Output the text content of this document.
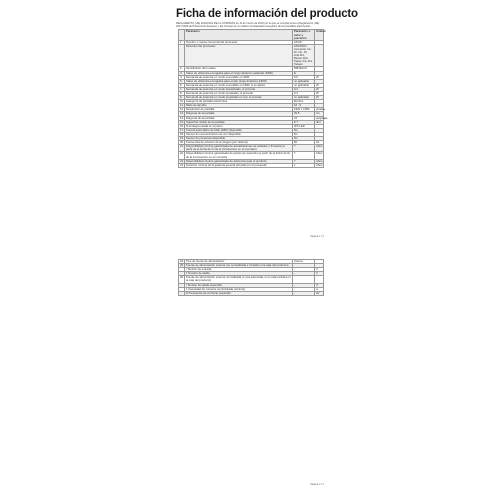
Ficha de información del producto
REGLAMENTO (UE) 2019/2013 DE LA COMISIÓN de 11 de marzo de 2019 por el que se complementa el Reglamento (UE) 2017/1369 del Parlamento Europeo y del Consejo en lo relativo al etiquetado energético de las pantallas electrónicas
	Parámetro	Parámetro o valor y precisión	Unidad
1.	Nombre o marca comercial del proveedor	ASUS	
	Dirección del proveedor	ASUSTeK Computer Inc., 1F, No. 15, Lide Rd., Beitou Dist., Taipei City 112, Taiwan	
2.	Identificador del modelo	MB16ACV	
3.	Clase de eficiencia energética para el rango dinámico estándar (SDR)	E	
4.	Demanda de potencia en modo encendido en SDR	6.0	W
5.	Clase de eficiencia energética para el alto rango dinámico (HDR)	no aplicable	
6.	Demanda de potencia en modo encendido en HDR, si se aplica	no aplicable	W
7.	Demanda de potencia en modo desactivado, si procede	0.3	W
8.	Demanda de potencia en modo preparado, si procede	0.3	W
9.	Demanda de potencia en modo preparado en red, si procede	no aplicable	W
10.	Categoría de pantalla electrónica	Monitor	
11.	Ratio de tamaño	16 : 9	
12.	Resolución de pantalla	1920 x 1080	píxeles
13.	Diagonal de la pantalla	39.5	cm
14.	Diagonal de la pantalla	16	pulgadas
15.	Superficie visible de la pantalla	6.7	dm²
16.	Tecnología usada en el panel	IPS LED	
17.	Control automático de brillo (ABC) disponible	No	
18.	Sensor de reconocimiento de voz disponible	No	
19.	Sensor de presencia disponible	No	
20.	Frecuencia de refresco de la imagen (por defecto)	60	Hz
21.	Disponibilidad mínima garantizada de actualizaciones de software y firmware (a partir de la fecha de fin de la introducción en el mercado)	7	Años
22.	Disponibilidad mínima garantizada de piezas de recambio (a partir de la fecha de fin de la introducción en el mercado)	7	Años
23.	Disponibilidad mínima garantizada de asistencia para el producto	7	Años
24.	Duración mínima de la garantía general ofrecida por el proveedor	1	Años
Página 1 / 2
24.	Tipo de fuente de alimentación:	Interna	
25.	Fuente de alimentación externa (no normalizada e incluida en la caja del producto)		
	i Tensión de entrada	-	V
	ii Tensión de salida	-	V
26.	Fuente de alimentación externa normalizada (o una adecuada, si no está incluida en la caja del producto)		
	i Tensión de salida requerida	-	V
	ii Intensidad de corriente suministrada (mínima)	-	A
	iii Frecuencia de corriente requerida	-	Hz
Página 2 / 2
